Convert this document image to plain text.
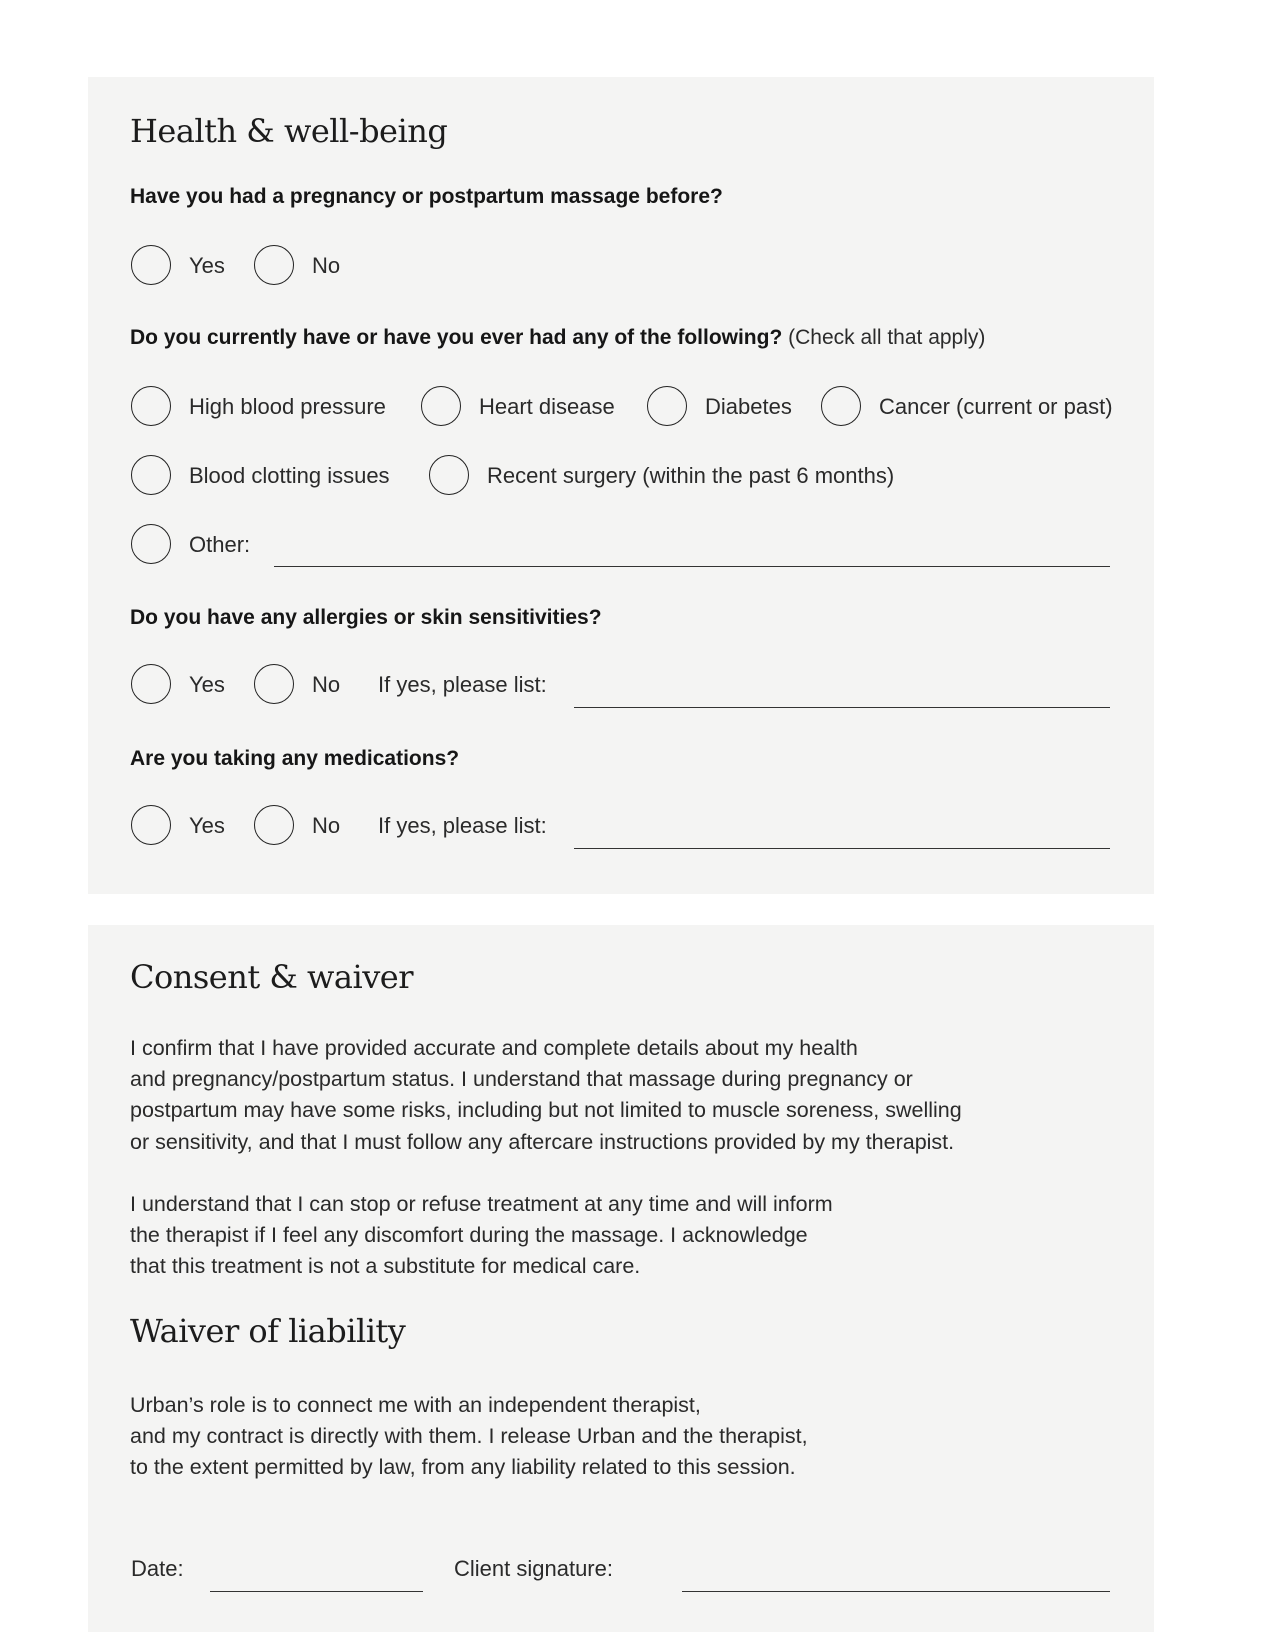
Health & well-being
Have you had a pregnancy or postpartum massage before?
Yes	No
Do you currently have or have you ever had any of the following? (Check all that apply)
High blood pressure	Heart disease	Diabetes	Cancer (current or past)
Blood clotting issues	Recent surgery (within the past 6 months)
Other:
Do you have any allergies or skin sensitivities?
Yes	No If yes, please list:
Are you taking any medications?
Yes	No If yes, please list:
Consent & waiver
I confirm that I have provided accurate and complete details about my health
and pregnancy/postpartum status. I understand that massage during pregnancy or
postpartum may have some risks, including but not limited to muscle soreness, swelling
or sensitivity, and that I must follow any aftercare instructions provided by my therapist.
I understand that I can stop or refuse treatment at any time and will inform
the therapist if I feel any discomfort during the massage. I acknowledge
that this treatment is not a substitute for medical care.
Waiver of liability
Urban’s role is to connect me with an independent therapist,
and my contract is directly with them. I release Urban and the therapist,
to the extent permitted by law, from any liability related to this session.
Date:	Client signature:
